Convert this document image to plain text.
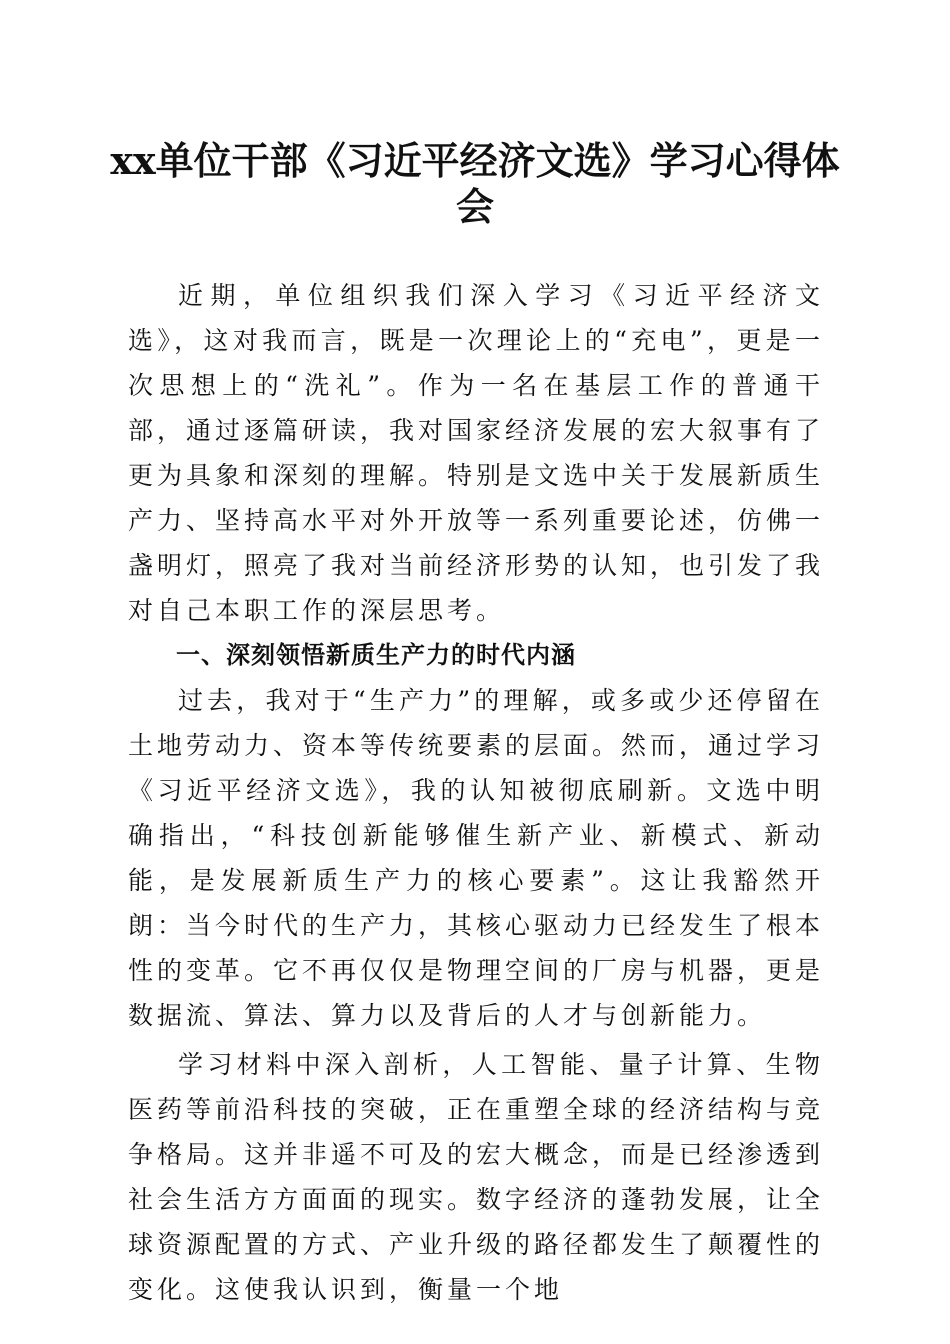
xx单位干部《习近平经济文选》学习心得体会

近期，单位组织我们深入学习《习近平经济文选》，这对我而言，既是一次理论上的“充电”，更是一次思想上的“洗礼”。作为一名在基层工作的普通干部，通过逐篇研读，我对国家经济发展的宏大叙事有了更为具象和深刻的理解。特别是文选中关于发展新质生产力、坚持高水平对外开放等一系列重要论述，仿佛一盏明灯，照亮了我对当前经济形势的认知，也引发了我对自己本职工作的深层思考。

一、深刻领悟新质生产力的时代内涵

过去，我对于“生产力”的理解，或多或少还停留在土地劳动力、资本等传统要素的层面。然而，通过学习《习近平经济文选》，我的认知被彻底刷新。文选中明确指出，“科技创新能够催生新产业、新模式、新动能，是发展新质生产力的核心要素”。这让我豁然开朗：当今时代的生产力，其核心驱动力已经发生了根本性的变革。它不再仅仅是物理空间的厂房与机器，更是数据流、算法、算力以及背后的人才与创新能力。

学习材料中深入剖析，人工智能、量子计算、生物医药等前沿科技的突破，正在重塑全球的经济结构与竞争格局。这并非遥不可及的宏大概念，而是已经渗透到社会生活方方面面的现实。数字经济的蓬勃发展，让全球资源配置的方式、产业升级的路径都发生了颠覆性的变化。这使我认识到，衡量一个地
